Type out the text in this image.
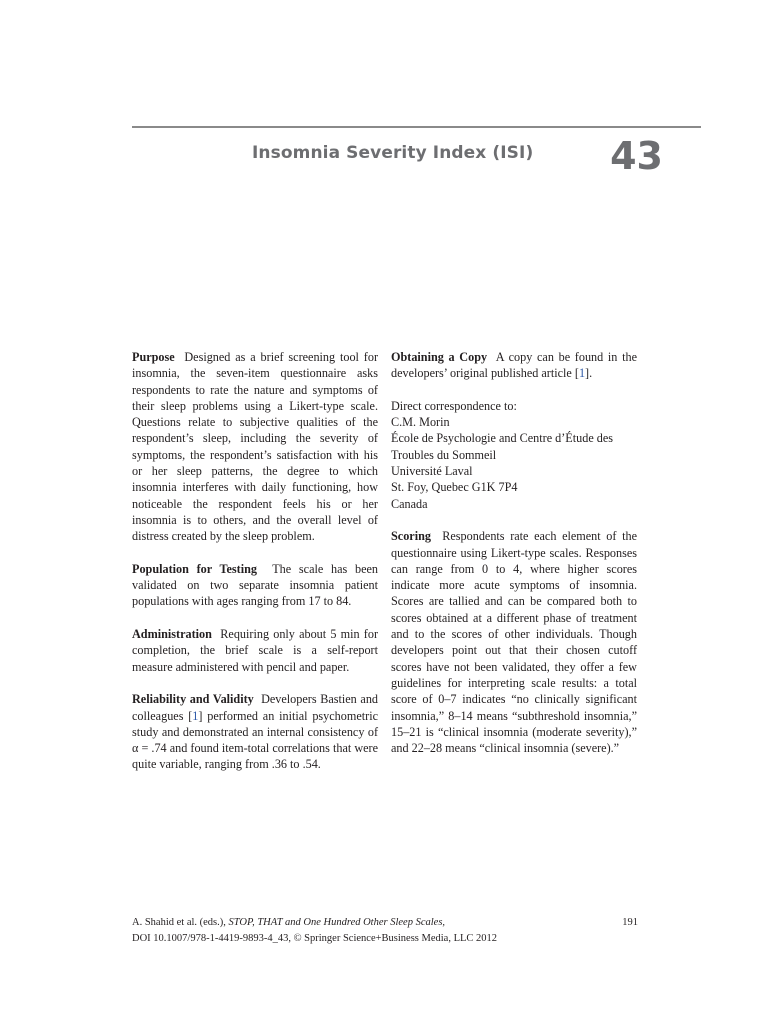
Insomnia Severity Index (ISI) 43

Purpose Designed as a brief screening tool for insomnia, the seven-item questionnaire asks respondents to rate the nature and symptoms of their sleep problems using a Likert-type scale. Questions relate to subjective qualities of the respondent’s sleep, including the severity of symptoms, the respondent’s satisfaction with his or her sleep patterns, the degree to which insomnia interferes with daily functioning, how noticeable the respondent feels his or her insomnia is to others, and the overall level of distress created by the sleep problem.

Population for Testing The scale has been validated on two separate insomnia patient populations with ages ranging from 17 to 84.

Administration Requiring only about 5 min for completion, the brief scale is a self-report measure administered with pencil and paper.

Reliability and Validity Developers Bastien and colleagues [1] performed an initial psychometric study and demonstrated an internal consistency of α = .74 and found item-total correlations that were quite variable, ranging from .36 to .54.

Obtaining a Copy A copy can be found in the developers’ original published article [1].

Direct correspondence to:
C.M. Morin
École de Psychologie and Centre d’Étude des Troubles du Sommeil
Université Laval
St. Foy, Quebec G1K 7P4
Canada

Scoring Respondents rate each element of the questionnaire using Likert-type scales. Responses can range from 0 to 4, where higher scores indicate more acute symptoms of insomnia. Scores are tallied and can be compared both to scores obtained at a different phase of treatment and to the scores of other individuals. Though developers point out that their chosen cutoff scores have not been validated, they offer a few guidelines for interpreting scale results: a total score of 0–7 indicates “no clinically significant insomnia,” 8–14 means “subthreshold insomnia,” 15–21 is “clinical insomnia (moderate severity),” and 22–28 means “clinical insomnia (severe).”

A. Shahid et al. (eds.), STOP, THAT and One Hundred Other Sleep Scales,	191
DOI 10.1007/978-1-4419-9893-4_43, © Springer Science+Business Media, LLC 2012
